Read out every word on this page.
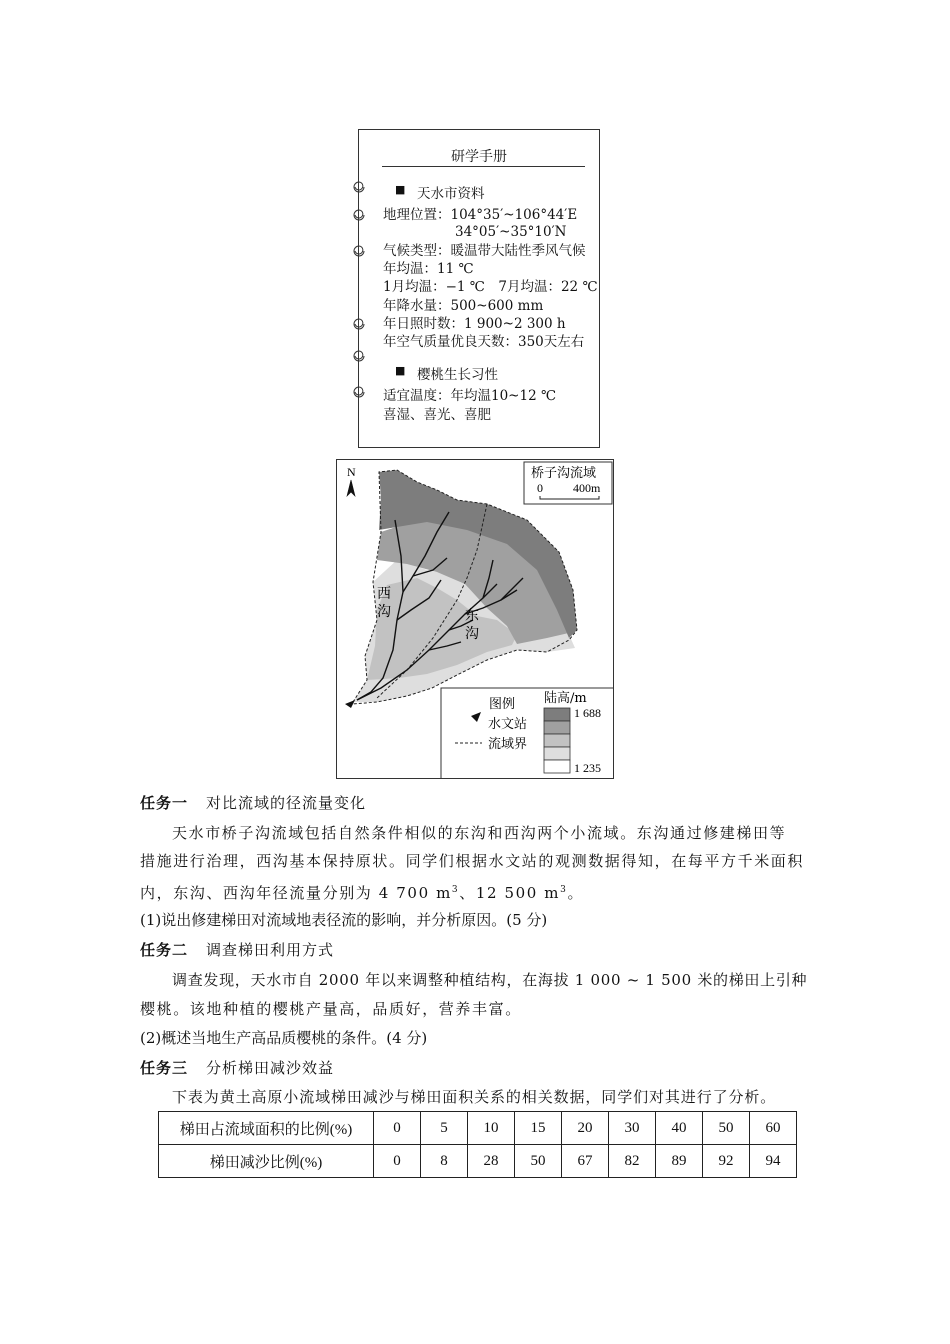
研学手册
■ 天水市资料
地理位置：104°35′~106°44′E
34°05′~35°10′N
气候类型：暖温带大陆性季风气候
年均温：11 ℃
1月均温：−1 ℃　7月均温：22 ℃
年降水量：500~600 mm
年日照时数：1 900~2 300 h
年空气质量优良天数：350天左右
■ 樱桃生长习性
适宜温度：年均温10~12 ℃
喜湿、喜光、喜肥
N	桥子沟流域
0	400m
西
沟	东
沟
图例 陆高/m
水文站
流域界
1 688
1 235
任务一 对比流域的径流量变化
天水市桥子沟流域包括自然条件相似的东沟和西沟两个小流域。东沟通过修建梯田等
措施进行治理，西沟基本保持原状。同学们根据水文站的观测数据得知，在每平方千米面积
内，东沟、西沟年径流量分别为 4 700 $m^3$、12 500 $m^3$。
(1)说出修建梯田对流域地表径流的影响，并分析原因。(5 分)
任务二 调查梯田利用方式
调查发现，天水市自 2000 年以来调整种植结构，在海拔 1 000 ~ 1 500 米的梯田上引种
樱桃。该地种植的樱桃产量高，品质好，营养丰富。
(2)概述当地生产高品质樱桃的条件。(4 分)
任务三 分析梯田减沙效益
下表为黄土高原小流域梯田减沙与梯田面积关系的相关数据，同学们对其进行了分析。
梯田占流域面积的比例(%)	0	5	10	15	20	30	40	50	60
梯田减沙比例(%)	0	8	28	50	67	82	89	92	94
